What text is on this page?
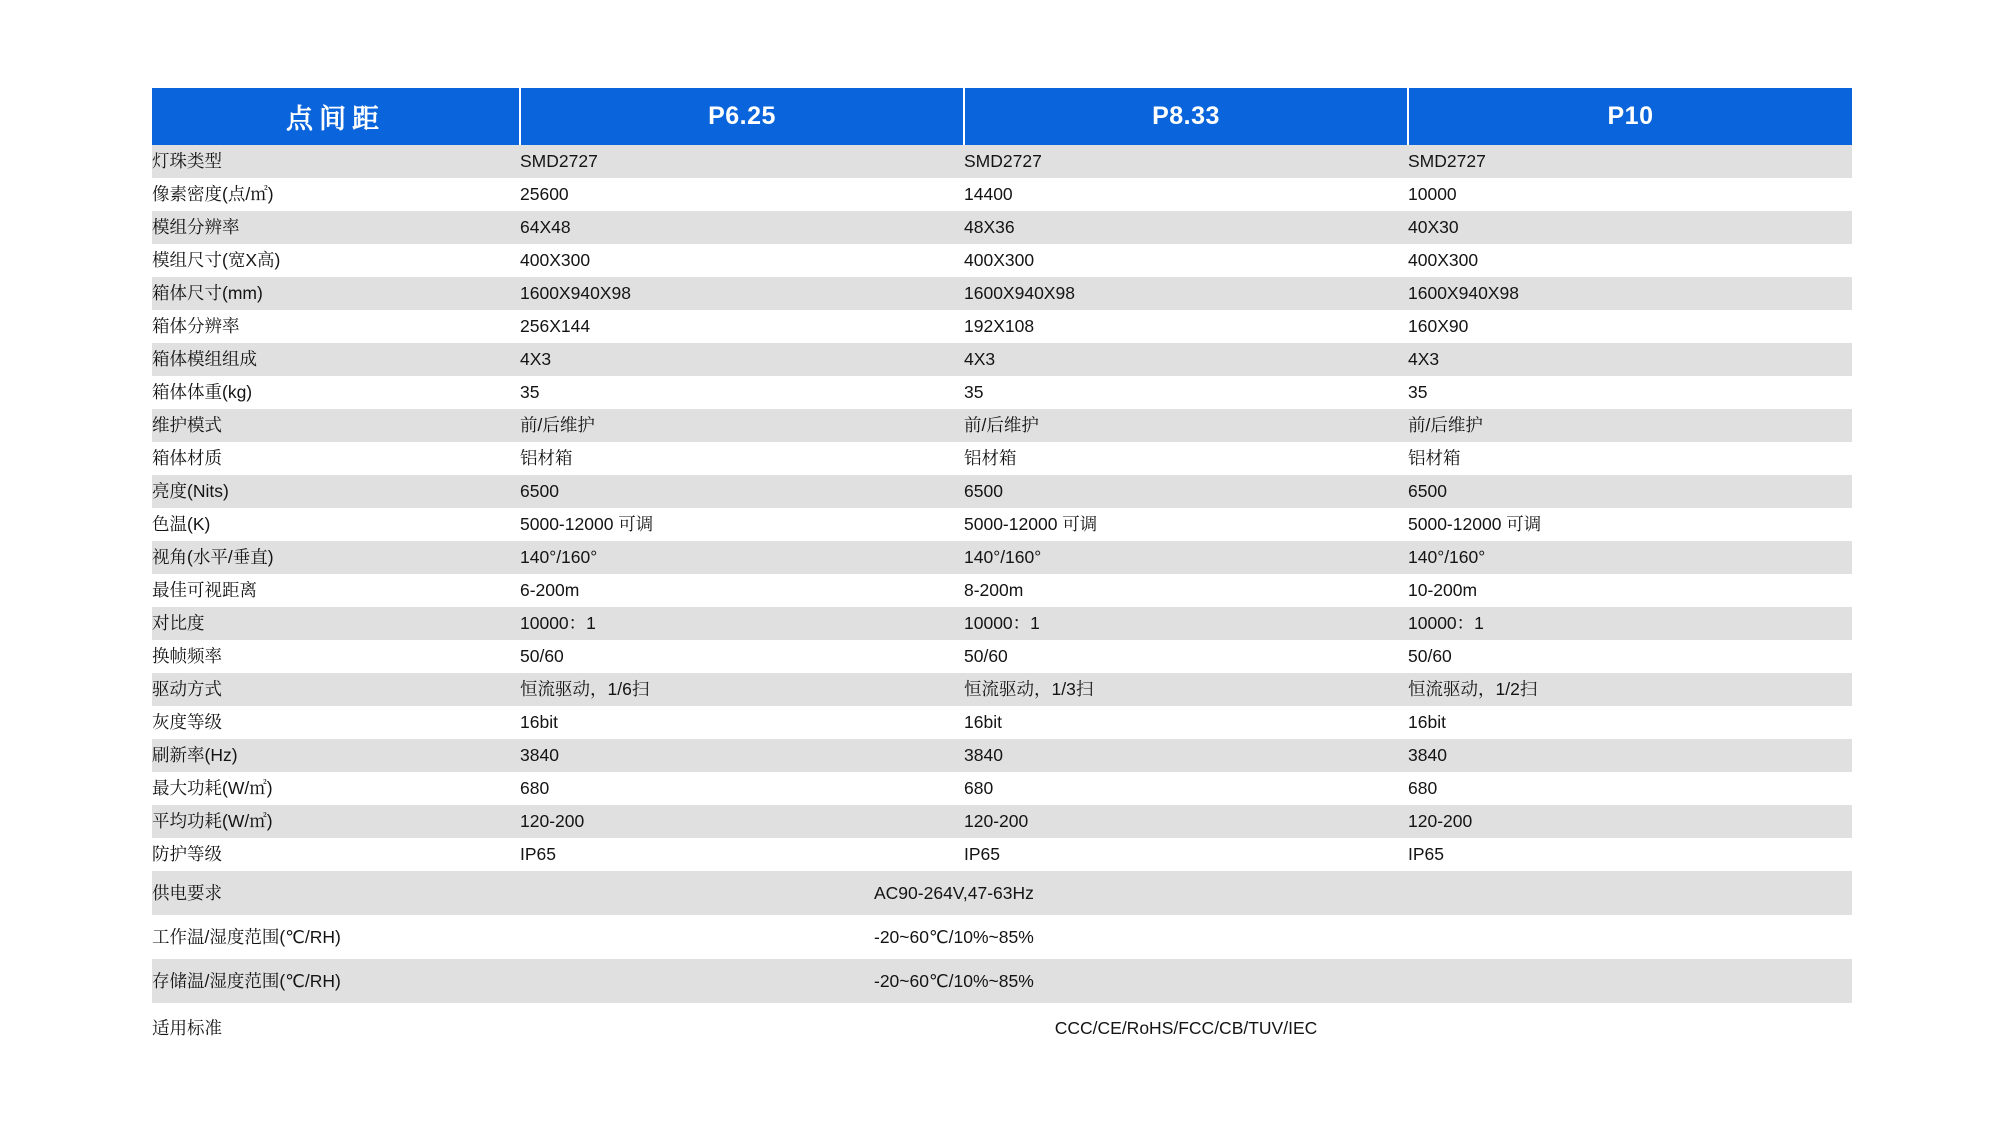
点间距	P6.25	P8.33	P10
灯珠类型	SMD2727	SMD2727	SMD2727
像素密度(点/㎡)	25600	14400	10000
模组分辨率	64X48	48X36	40X30
模组尺寸(宽X高)	400X300	400X300	400X300
箱体尺寸(mm)	1600X940X98	1600X940X98	1600X940X98
箱体分辨率	256X144	192X108	160X90
箱体模组组成	4X3	4X3	4X3
箱体体重(kg)	35	35	35
维护模式	前/后维护	前/后维护	前/后维护
箱体材质	铝材箱	铝材箱	铝材箱
亮度(Nits)	6500	6500	6500
色温(K)	5000-12000 可调	5000-12000 可调	5000-12000 可调
视角(水平/垂直)	140°/160°	140°/160°	140°/160°
最佳可视距离	6-200m	8-200m	10-200m
对比度	10000：1	10000：1	10000：1
换帧频率	50/60	50/60	50/60
驱动方式	恒流驱动，1/6扫	恒流驱动，1/3扫	恒流驱动，1/2扫
灰度等级	16bit	16bit	16bit
刷新率(Hz)	3840	3840	3840
最大功耗(W/㎡)	680	680	680
平均功耗(W/㎡)	120-200	120-200	120-200
防护等级	IP65	IP65	IP65
供电要求	AC90-264V,47-63Hz		

工作温/湿度范围(℃/RH)	-20~60℃/10%~85%		

存储温/湿度范围(℃/RH)	-20~60℃/10%~85%		

适用标准	CCC/CE/RoHS/FCC/CB/TUV/IEC		
